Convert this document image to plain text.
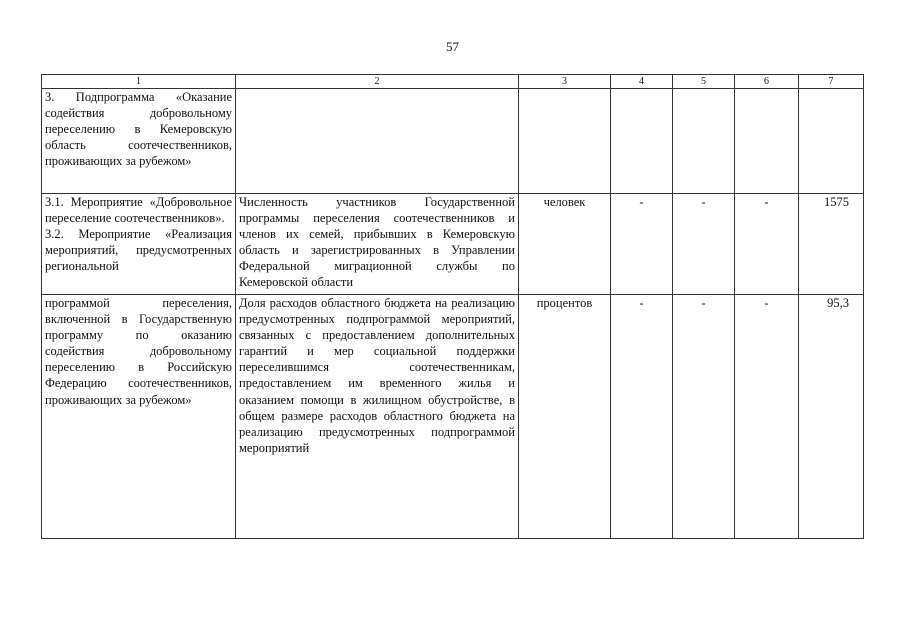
57
1	2	3	4	5	6	7

3. Подпрограмма «Оказание содействия добровольному переселению в Кемеровскую область соотечественников, проживающих за рубежом»						

3.1. Мероприятие «Добровольное переселение соотечественников».
3.2. Мероприятие «Реализация мероприятий, предусмотренных региональной	Численность участников Государственной программы переселения соотечественников и членов их семей, прибывших в Кемеровскую область и зарегистрированных в Управлении Федеральной миграционной службы по Кемеровской области	человек	-	-	-	1575

программой переселения, включенной в Государственную программу по оказанию содействия добровольному переселению в Российскую Федерацию соотечественников, проживающих за рубежом»	Доля расходов областного бюджета на реализацию предусмотренных подпрограммой мероприятий, связанных с предоставлением дополнительных гарантий и мер социальной поддержки переселившимся соотечественникам, предоставлением им временного жилья и оказанием помощи в жилищном обустройстве, в общем размере расходов областного бюджета на реализацию предусмотренных подпрограммой мероприятий	процентов	-	-	-	95,3
